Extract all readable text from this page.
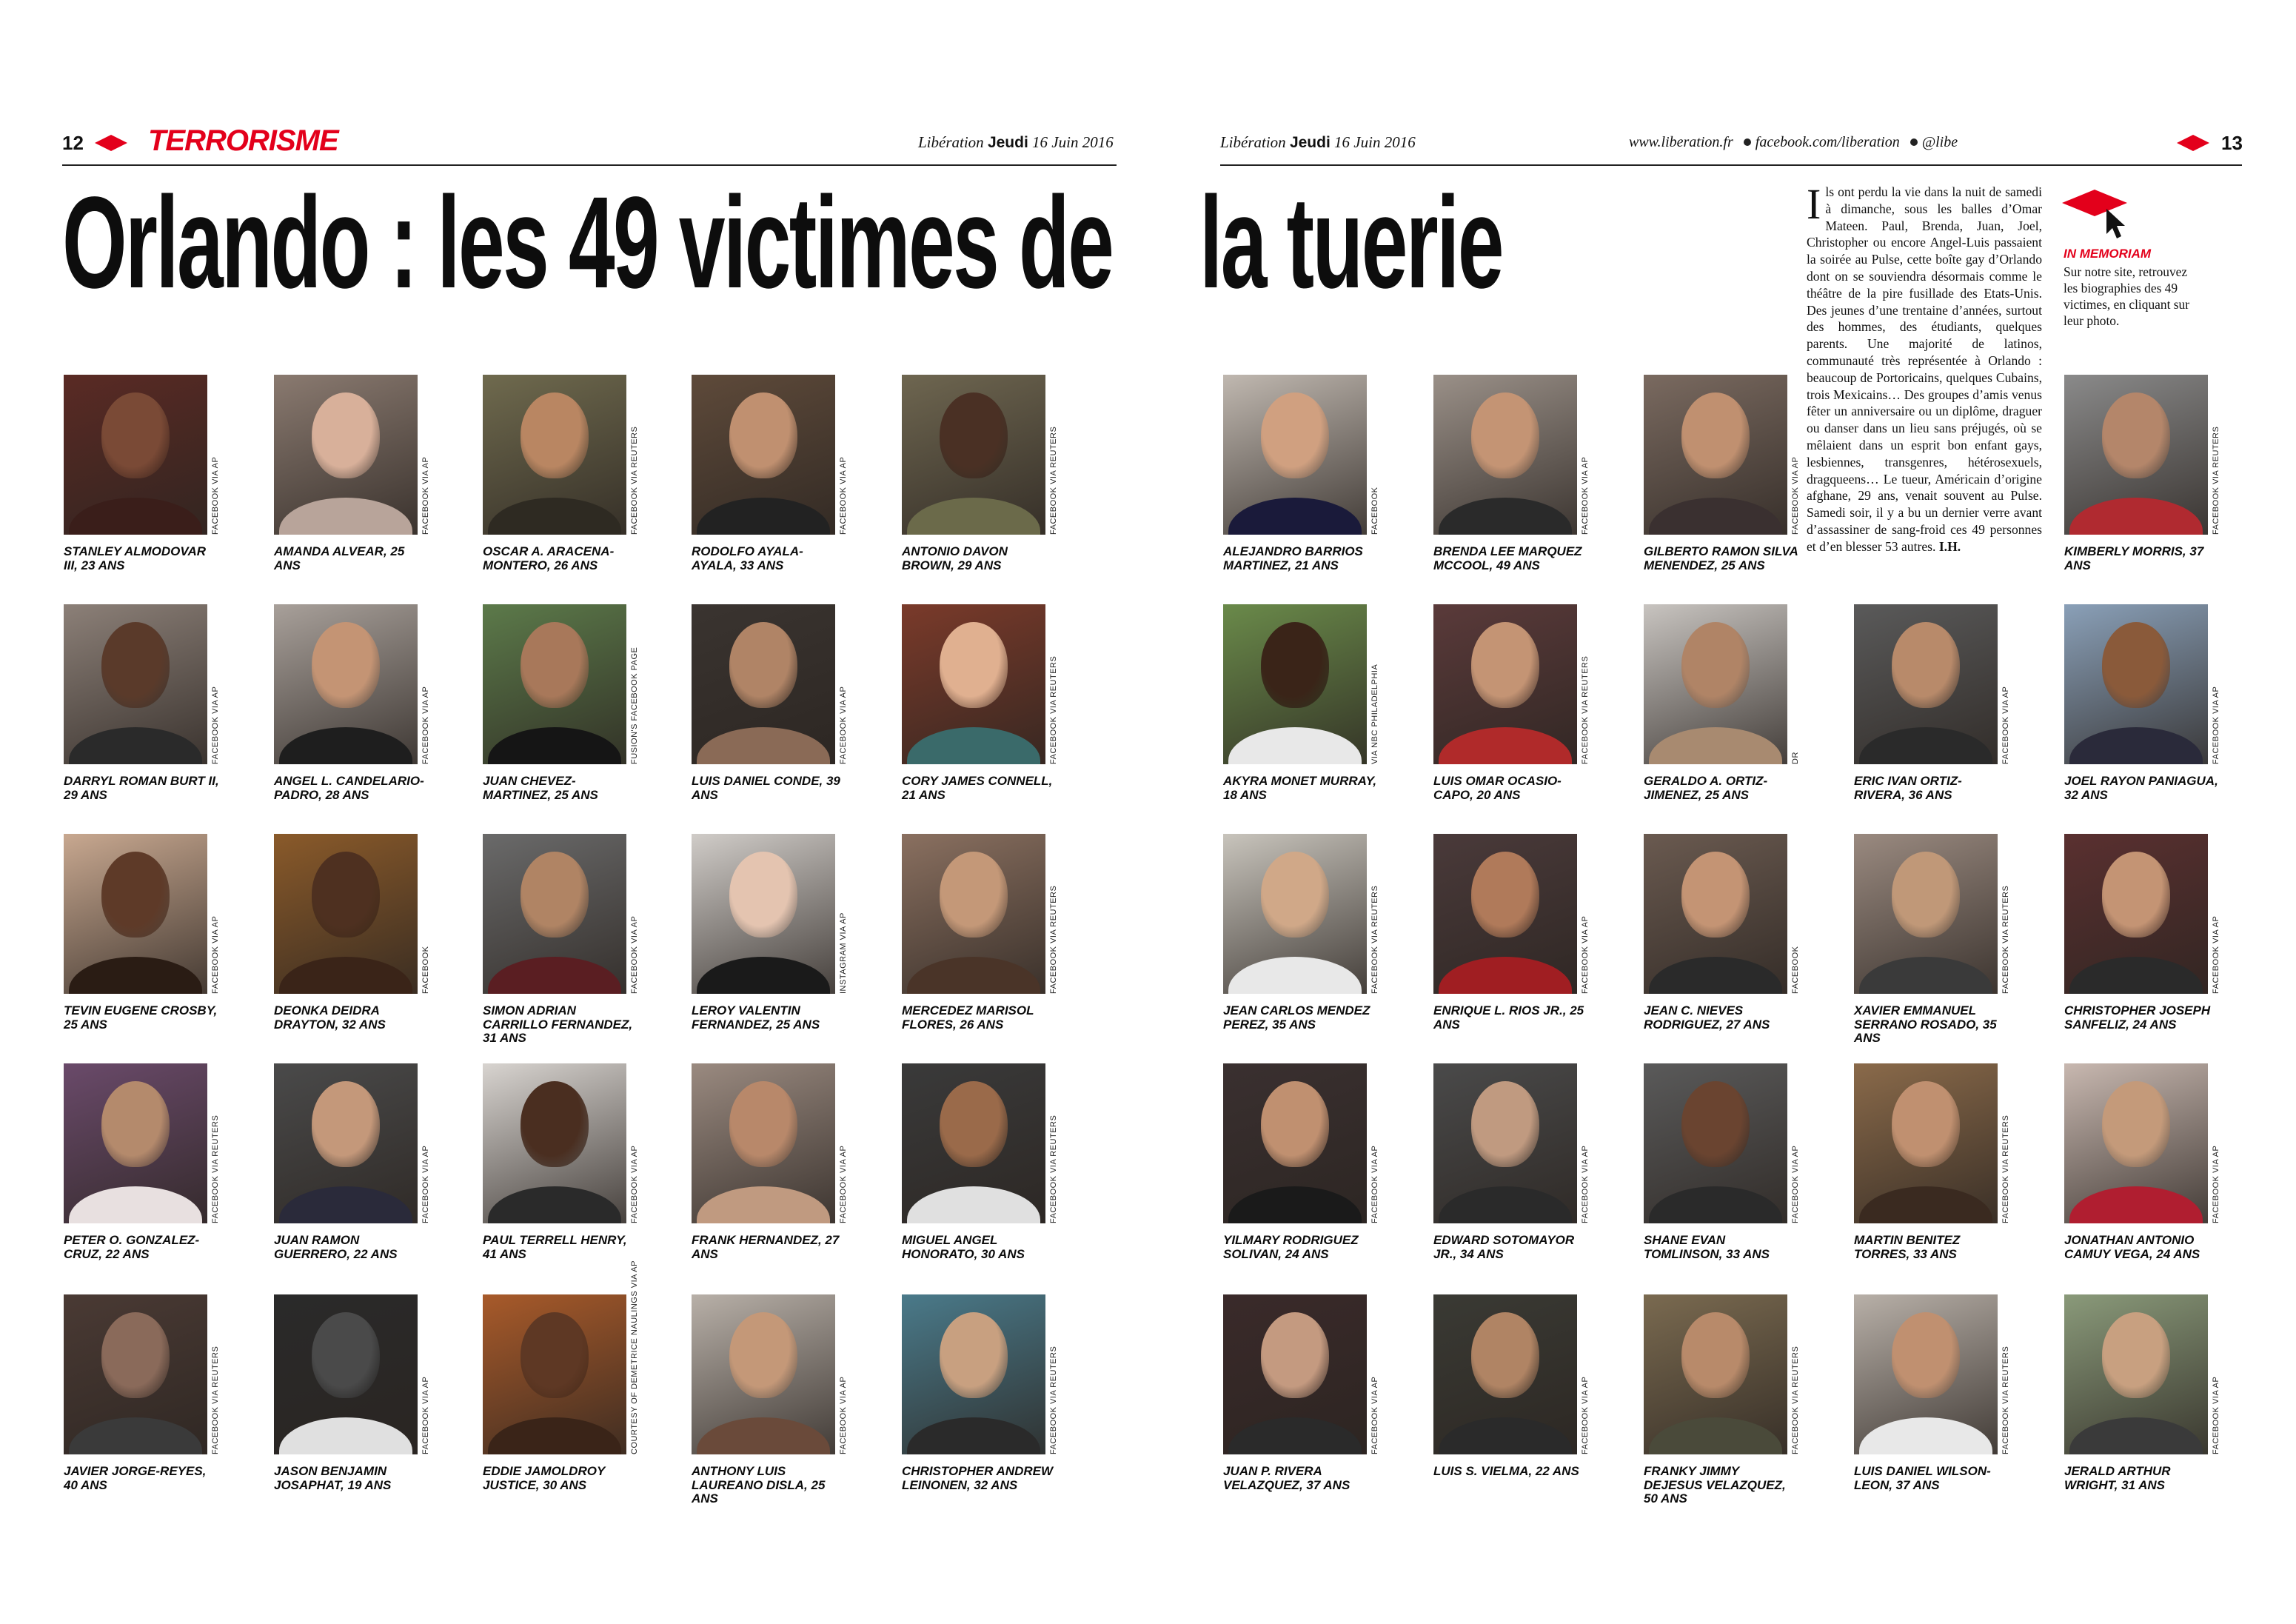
12 TERRORISME	Libération Jeudi 16 Juin 2016	Libération Jeudi 16 Juin 2016	www.liberation.fr facebook.com/liberation @libe	13
Orlando : les 49 victimes de la tuerie	Ils ont perdu la vie dans la nuit de samedi à dimanche, sous les balles d’Omar Mateen. Paul, Brenda, Juan, Joel, Christopher ou encore Angel-Luis passaient la soirée au Pulse, cette boîte gay d’Orlando dont on se souviendra désormais comme le théâtre de la pire fusillade des Etats-Unis. Des jeunes d’une trentaine d’années, surtout des hommes, des étudiants, quelques parents. Une majorité de latinos, communauté très représentée à Orlando : beaucoup de Portoricains, quelques Cubains, trois Mexicains… Des groupes d’amis venus fêter un anniversaire ou un diplôme, draguer ou danser dans un lieu sans préjugés, où se mêlaient dans un esprit bon enfant gays, lesbiennes, transgenres, hétérosexuels, dragqueens… Le tueur, Américain d’origine afghane, 29 ans, venait souvent au Pulse. Samedi soir, il y a bu un dernier verre avant d’assassiner de sang-froid ces 49 personnes et d’en blesser 53 autres. I.H.
IN MEMORIAM
Sur notre site, retrouvez les biographies des 49 victimes, en cliquant sur leur photo.
FACEBOOK VIA AP
STANLEY ALMODOVAR III, 23 ANS
FACEBOOK VIA AP
AMANDA ALVEAR, 25 ANS
FACEBOOK VIA REUTERS
OSCAR A. ARACENA-MONTERO, 26 ANS
FACEBOOK VIA AP
RODOLFO AYALA-AYALA, 33 ANS
FACEBOOK VIA REUTERS
ANTONIO DAVON BROWN, 29 ANS
FACEBOOK VIA AP
DARRYL ROMAN BURT II, 29 ANS
FACEBOOK VIA AP
ANGEL L. CANDELARIO-PADRO, 28 ANS
FUSION'S FACEBOOK PAGE
JUAN CHEVEZ-MARTINEZ, 25 ANS
FACEBOOK VIA AP
LUIS DANIEL CONDE, 39 ANS
FACEBOOK VIA REUTERS
CORY JAMES CONNELL, 21 ANS
FACEBOOK VIA AP
TEVIN EUGENE CROSBY, 25 ANS
FACEBOOK
DEONKA DEIDRA DRAYTON, 32 ANS
FACEBOOK VIA AP
SIMON ADRIAN CARRILLO FERNANDEZ, 31 ANS
INSTAGRAM VIA AP
LEROY VALENTIN FERNANDEZ, 25 ANS
FACEBOOK VIA REUTERS
MERCEDEZ MARISOL FLORES, 26 ANS
FACEBOOK VIA REUTERS
PETER O. GONZALEZ-CRUZ, 22 ANS
FACEBOOK VIA AP
JUAN RAMON GUERRERO, 22 ANS
FACEBOOK VIA AP
PAUL TERRELL HENRY, 41 ANS
FACEBOOK VIA AP
FRANK HERNANDEZ, 27 ANS
FACEBOOK VIA REUTERS
MIGUEL ANGEL HONORATO, 30 ANS
FACEBOOK VIA REUTERS
JAVIER JORGE-REYES, 40 ANS
FACEBOOK VIA AP
JASON BENJAMIN JOSAPHAT, 19 ANS
COURTESY OF DEMETRICE NAULINGS VIA AP
EDDIE JAMOLDROY JUSTICE, 30 ANS
FACEBOOK VIA AP
ANTHONY LUIS LAUREANO DISLA, 25 ANS
FACEBOOK VIA REUTERS
CHRISTOPHER ANDREW LEINONEN, 32 ANS
FACEBOOK
ALEJANDRO BARRIOS MARTINEZ, 21 ANS
FACEBOOK VIA AP
BRENDA LEE MARQUEZ MCCOOL, 49 ANS
FACEBOOK VIA AP
GILBERTO RAMON SILVA MENENDEZ, 25 ANS
FACEBOOK VIA REUTERS
KIMBERLY MORRIS, 37 ANS
VIA NBC PHILADELPHIA
AKYRA MONET MURRAY, 18 ANS
FACEBOOK VIA REUTERS
LUIS OMAR OCASIO-CAPO, 20 ANS
DR
GERALDO A. ORTIZ-JIMENEZ, 25 ANS
FACEBOOK VIA AP
ERIC IVAN ORTIZ-RIVERA, 36 ANS
FACEBOOK VIA AP
JOEL RAYON PANIAGUA, 32 ANS
FACEBOOK VIA REUTERS
JEAN CARLOS MENDEZ PEREZ, 35 ANS
FACEBOOK VIA AP
ENRIQUE L. RIOS JR., 25 ANS
FACEBOOK
JEAN C. NIEVES RODRIGUEZ, 27 ANS
FACEBOOK VIA REUTERS
XAVIER EMMANUEL SERRANO ROSADO, 35 ANS
FACEBOOK VIA AP
CHRISTOPHER JOSEPH SANFELIZ, 24 ANS
FACEBOOK VIA AP
YILMARY RODRIGUEZ SOLIVAN, 24 ANS
FACEBOOK VIA AP
EDWARD SOTOMAYOR JR., 34 ANS
FACEBOOK VIA AP
SHANE EVAN TOMLINSON, 33 ANS
FACEBOOK VIA REUTERS
MARTIN BENITEZ TORRES, 33 ANS
FACEBOOK VIA AP
JONATHAN ANTONIO CAMUY VEGA, 24 ANS
FACEBOOK VIA AP
JUAN P. RIVERA VELAZQUEZ, 37 ANS
FACEBOOK VIA AP
LUIS S. VIELMA, 22 ANS
FACEBOOK VIA REUTERS
FRANKY JIMMY DEJESUS VELAZQUEZ, 50 ANS
FACEBOOK VIA REUTERS
LUIS DANIEL WILSON-LEON, 37 ANS
FACEBOOK VIA AP
JERALD ARTHUR WRIGHT, 31 ANS
